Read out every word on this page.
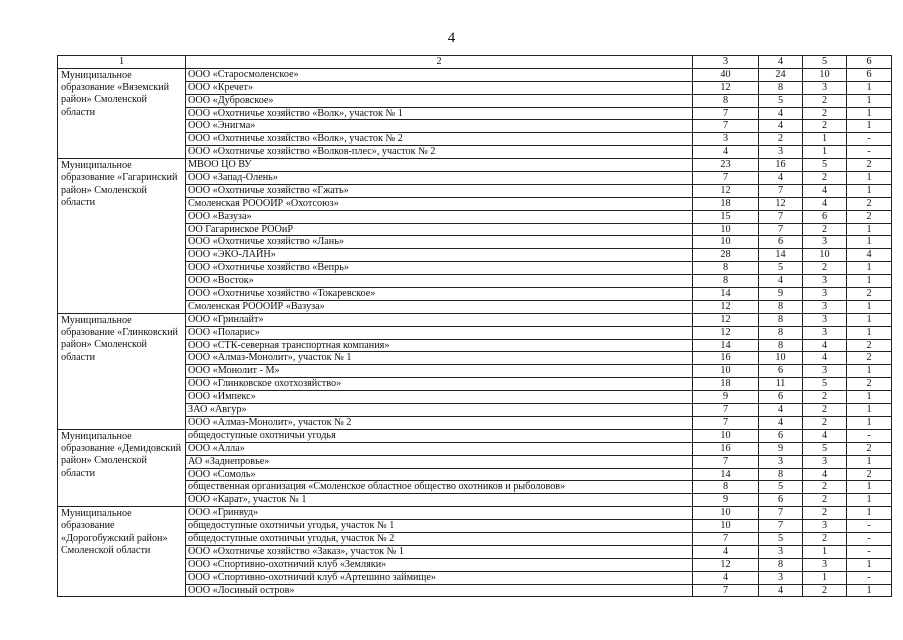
4
1	2	3	4	5	6
Муниципальное образование «Вяземский район» Смоленской области	ООО «Старосмоленское»	40	24	10	6
	ООО «Кречет»	12	8	3	1
	ООО «Дубровское»	8	5	2	1
	ООО «Охотничье хозяйство «Волк», участок № 1	7	4	2	1
	ООО «Энигма»	7	4	2	1
	ООО «Охотничье хозяйство «Волк», участок № 2	3	2	1	-
	ООО «Охотничье хозяйство «Волков-плес», участок № 2	4	3	1	-
Муниципальное образование «Гагаринский район» Смоленской области	МВОО ЦО ВУ	23	16	5	2
	ООО «Запад-Олень»	7	4	2	1
	ООО «Охотничье хозяйство «Гжать»	12	7	4	1
	Смоленская РОООИР «Охотсоюз»	18	12	4	2
	ООО «Вазуза»	15	7	6	2
	ОО Гагаринское РООиР	10	7	2	1
	ООО «Охотничье хозяйство «Лань»	10	6	3	1
	ООО «ЭКО-ЛАЙН»	28	14	10	4
	ООО «Охотничье хозяйство «Вепрь»	8	5	2	1
	ООО «Восток»	8	4	3	1
	ООО «Охотничье хозяйство «Токаревское»	14	9	3	2
	Смоленская РОООИР «Вазуза»	12	8	3	1
Муниципальное образование «Глинковский район» Смоленской области	ООО «Гринлайт»	12	8	3	1
	ООО «Поларис»	12	8	3	1
	ООО «СТК-северная транспортная компания»	14	8	4	2
	ООО «Алмаз-Монолит», участок № 1	16	10	4	2
	ООО «Монолит - М»	10	6	3	1
	ООО «Глинковское охотхозяйство»	18	11	5	2
	ООО «Импекс»	9	6	2	1
	ЗАО «Авгур»	7	4	2	1
	ООО «Алмаз-Монолит», участок № 2	7	4	2	1
Муниципальное образование «Демидовский район» Смоленской области	общедоступные охотничьи угодья	10	6	4	-
	ООО «Алла»	16	9	5	2
	АО «Заднепровье»	7	3	3	1
	ООО «Сомоль»	14	8	4	2
	общественная организация «Смоленское областное общество охотников и рыболовов»	8	5	2	1
	ООО «Карат», участок № 1	9	6	2	1
Муниципальное образование «Дорогобужский район» Смоленской области	ООО «Гринвуд»	10	7	2	1
	общедоступные охотничьи угодья, участок № 1	10	7	3	-
	общедоступные охотничьи угодья, участок № 2	7	5	2	-
	ООО «Охотничье хозяйство «Заказ», участок № 1	4	3	1	-
	ООО «Спортивно-охотничий клуб «Земляки»	12	8	3	1
	ООО «Спортивно-охотничий клуб «Артешино займище»	4	3	1	-
	ООО «Лосиный остров»	7	4	2	1
